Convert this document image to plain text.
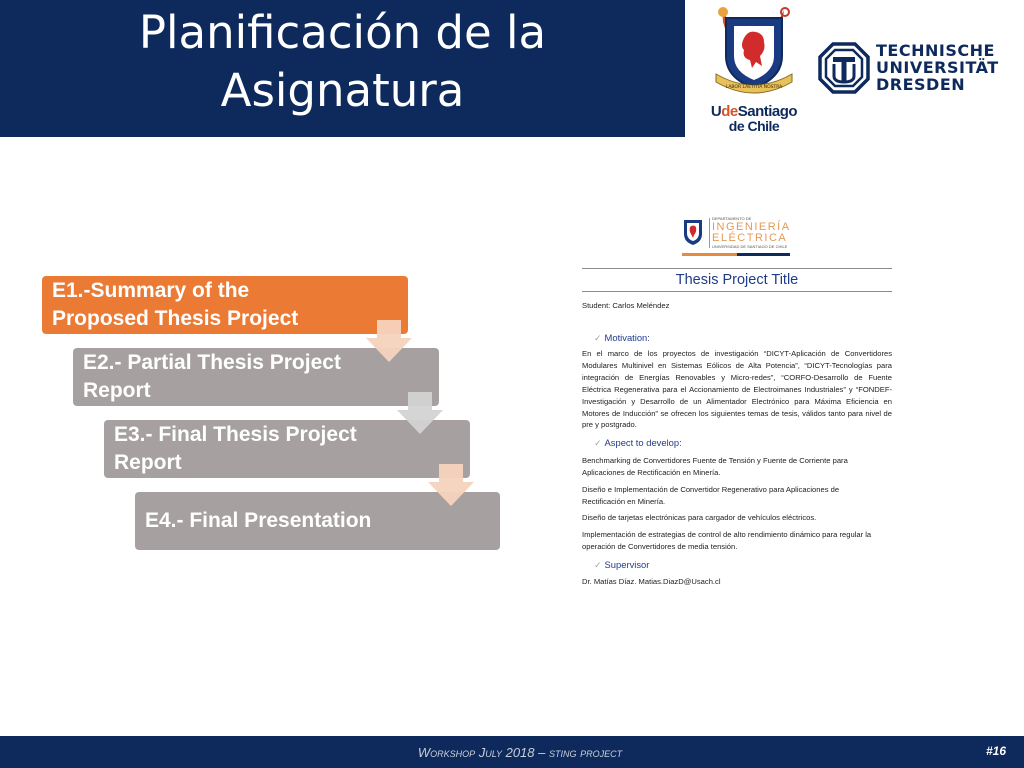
Planificación de la
Asignatura	LABOR LAETITIA NOSTRA
UdeSantiago
de Chile
TECHNISCHE
UNIVERSITÄT
DRESDEN
E1.-Summary of the
Proposed Thesis Project
E2.- Partial Thesis Project
Report
E3.- Final Thesis Project
Report
E4.- Final Presentation
DEPARTAMENTO DE
INGENIERÍA
ELÉCTRICA
UNIVERSIDAD DE SANTIAGO DE CHILE
Thesis Project Title
Student: Carlos Meléndez
✓ Motivation:
En el marco de los proyectos de investigación “DICYT-Aplicación de Convertidores Modulares Multinivel en Sistemas Eólicos de Alta Potencia”, “DICYT-Tecnologías para integración de Energías Renovables y Micro-redes”, “CORFO-Desarrollo de Fuente Eléctrica Regenerativa para el Accionamiento de Electroimanes Industriales” y “FONDEF-Investigación y Desarrollo de un Alimentador Electrónico para Máxima Eficiencia en Motores de Inducción” se ofrecen los siguientes temas de tesis, válidos tanto para nivel de pre y postgrado.
✓ Aspect to develop:
Benchmarking de Convertidores Fuente de Tensión y Fuente de Corriente para Aplicaciones de Rectificación en Minería.
Diseño e Implementación de Convertidor Regenerativo para Aplicaciones de Rectificación en Minería.
Diseño de tarjetas electrónicas para cargador de vehículos eléctricos.
Implementación de estrategias de control de alto rendimiento dinámico para regular la operación de Convertidores de media tensión.
✓ Supervisor
Dr. Matías Díaz. Matias.DiazD@Usach.cl
Workshop July 2018 – sting project	#16
